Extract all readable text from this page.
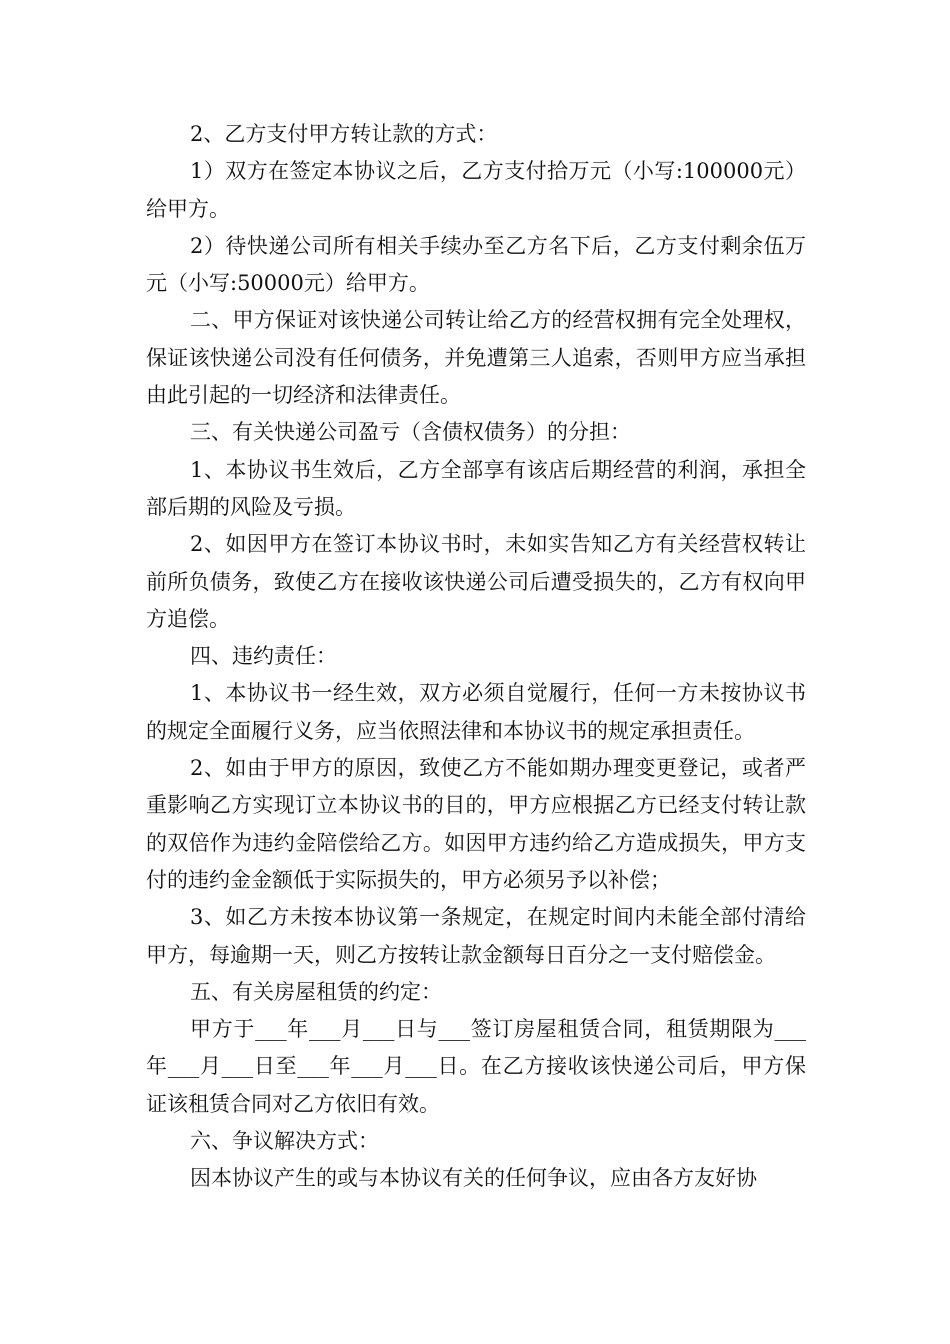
2、乙方支付甲方转让款的方式：

1）双方在签定本协议之后，乙方支付拾万元（小写:100000元）给甲方。

2）待快递公司所有相关手续办至乙方名下后，乙方支付剩余伍万元（小写:50000元）给甲方。

二、甲方保证对该快递公司转让给乙方的经营权拥有完全处理权，保证该快递公司没有任何债务，并免遭第三人追索，否则甲方应当承担由此引起的一切经济和法律责任。

三、有关快递公司盈亏（含债权债务）的分担：

1、本协议书生效后，乙方全部享有该店后期经营的利润，承担全部后期的风险及亏损。

2、如因甲方在签订本协议书时，未如实告知乙方有关经营权转让前所负债务，致使乙方在接收该快递公司后遭受损失的，乙方有权向甲方追偿。

四、违约责任：

1、本协议书一经生效，双方必须自觉履行，任何一方未按协议书的规定全面履行义务，应当依照法律和本协议书的规定承担责任。

2、如由于甲方的原因，致使乙方不能如期办理变更登记，或者严重影响乙方实现订立本协议书的目的，甲方应根据乙方已经支付转让款的双倍作为违约金陪偿给乙方。如因甲方违约给乙方造成损失，甲方支付的违约金金额低于实际损失的，甲方必须另予以补偿；

3、如乙方未按本协议第一条规定，在规定时间内未能全部付清给甲方，每逾期一天，则乙方按转让款金额每日百分之一支付赔偿金。

五、有关房屋租赁的约定：

甲方于___年___月___日与___签订房屋租赁合同，租赁期限为___年___月___日至___年___月___日。在乙方接收该快递公司后，甲方保证该租赁合同对乙方依旧有效。

六、争议解决方式：

因本协议产生的或与本协议有关的任何争议，应由各方友好协
